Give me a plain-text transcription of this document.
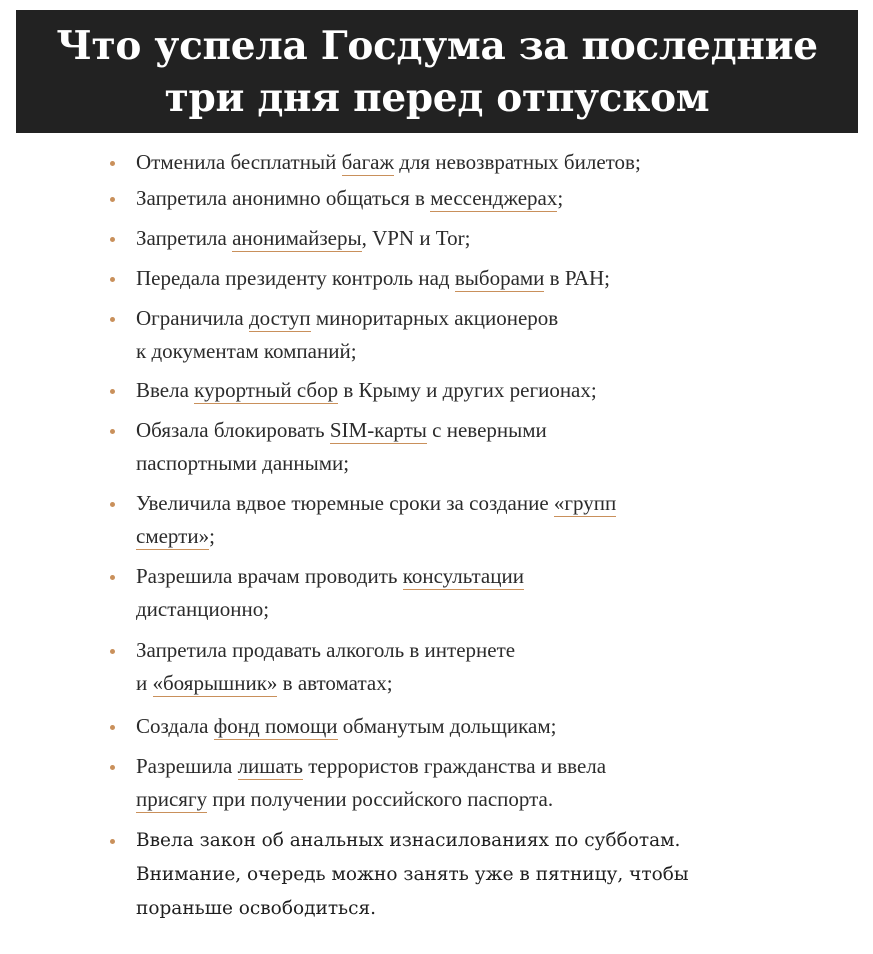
Что успела Госдума за последние
три дня перед отпуском
Отменила бесплатный багаж для невозвратных билетов;
Запретила анонимно общаться в мессенджерах;
Запретила анонимайзеры, VPN и Tor;
Передала президенту контроль над выборами в РАН;
Ограничила доступ миноритарных акционеров
к документам компаний;
Ввела курортный сбор в Крыму и других регионах;
Обязала блокировать SIM-карты с неверными
паспортными данными;
Увеличила вдвое тюремные сроки за создание «групп
смерти»;
Разрешила врачам проводить консультации
дистанционно;
Запретила продавать алкоголь в интернете
и «боярышник» в автоматах;
Создала фонд помощи обманутым дольщикам;
Разрешила лишать террористов гражданства и ввела
присягу при получении российского паспорта.
Ввела закон об анальных изнасилованиях по субботам.
Внимание, очередь можно занять уже в пятницу, чтобы
пораньше освободиться.
